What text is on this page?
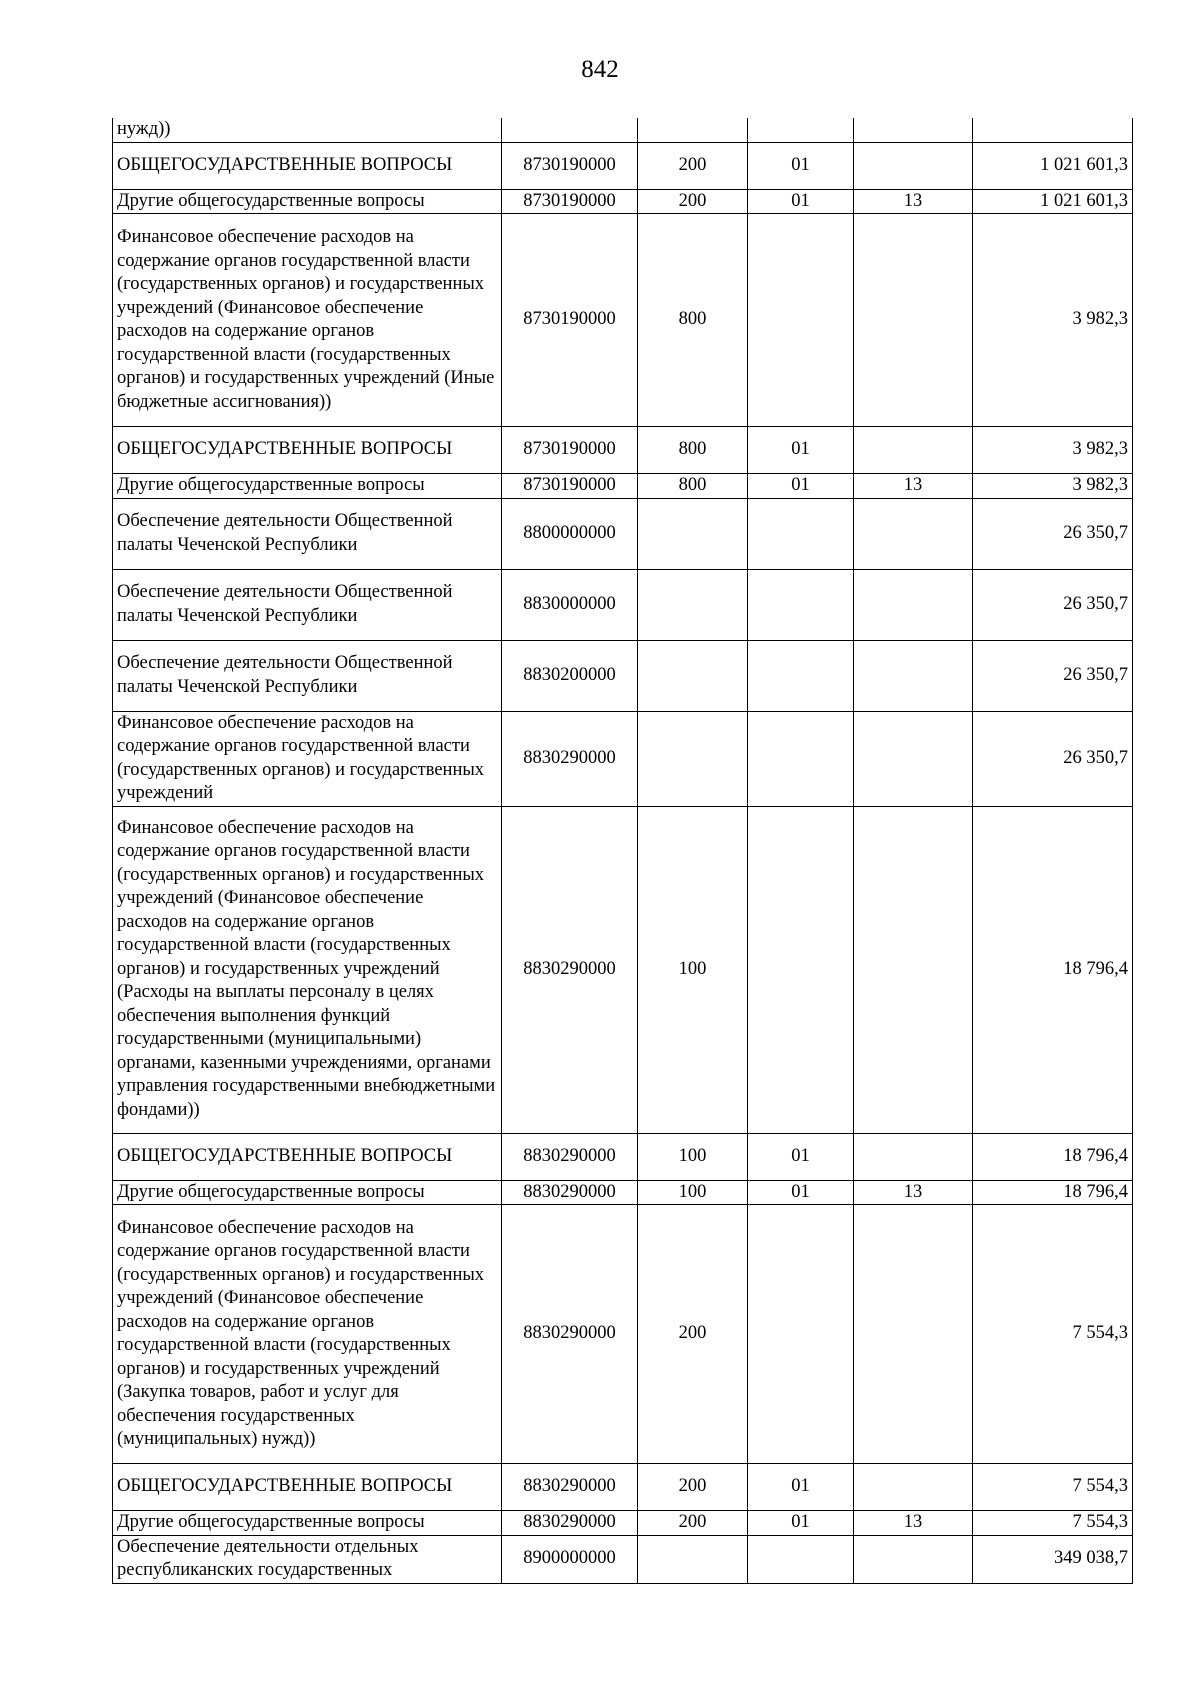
842
нужд))					
ОБЩЕГОСУДАРСТВЕННЫЕ ВОПРОСЫ	8730190000	200	01		1 021 601,3
Другие общегосударственные вопросы	8730190000	200	01	13	1 021 601,3
Финансовое обеспечение расходов на содержание органов государственной власти (государственных органов) и государственных учреждений (Финансовое обеспечение расходов на содержание органов государственной власти (государственных органов) и государственных учреждений (Иные бюджетные ассигнования))	8730190000	800			3 982,3
ОБЩЕГОСУДАРСТВЕННЫЕ ВОПРОСЫ	8730190000	800	01		3 982,3
Другие общегосударственные вопросы	8730190000	800	01	13	3 982,3
Обеспечение деятельности Общественной палаты Чеченской Республики	8800000000				26 350,7
Обеспечение деятельности Общественной палаты Чеченской Республики	8830000000				26 350,7
Обеспечение деятельности Общественной палаты Чеченской Республики	8830200000				26 350,7
Финансовое обеспечение расходов на содержание органов государственной власти (государственных органов) и государственных учреждений	8830290000				26 350,7
Финансовое обеспечение расходов на содержание органов государственной власти (государственных органов) и государственных учреждений (Финансовое обеспечение расходов на содержание органов государственной власти (государственных органов) и государственных учреждений (Расходы на выплаты персоналу в целях обеспечения выполнения функций государственными (муниципальными) органами, казенными учреждениями, органами управления государственными внебюджетными фондами))	8830290000	100			18 796,4
ОБЩЕГОСУДАРСТВЕННЫЕ ВОПРОСЫ	8830290000	100	01		18 796,4
Другие общегосударственные вопросы	8830290000	100	01	13	18 796,4
Финансовое обеспечение расходов на содержание органов государственной власти (государственных органов) и государственных учреждений (Финансовое обеспечение расходов на содержание органов государственной власти (государственных органов) и государственных учреждений (Закупка товаров, работ и услуг для обеспечения государственных (муниципальных) нужд))	8830290000	200			7 554,3
ОБЩЕГОСУДАРСТВЕННЫЕ ВОПРОСЫ	8830290000	200	01		7 554,3
Другие общегосударственные вопросы	8830290000	200	01	13	7 554,3
Обеспечение деятельности отдельных республиканских государственных	8900000000				349 038,7
